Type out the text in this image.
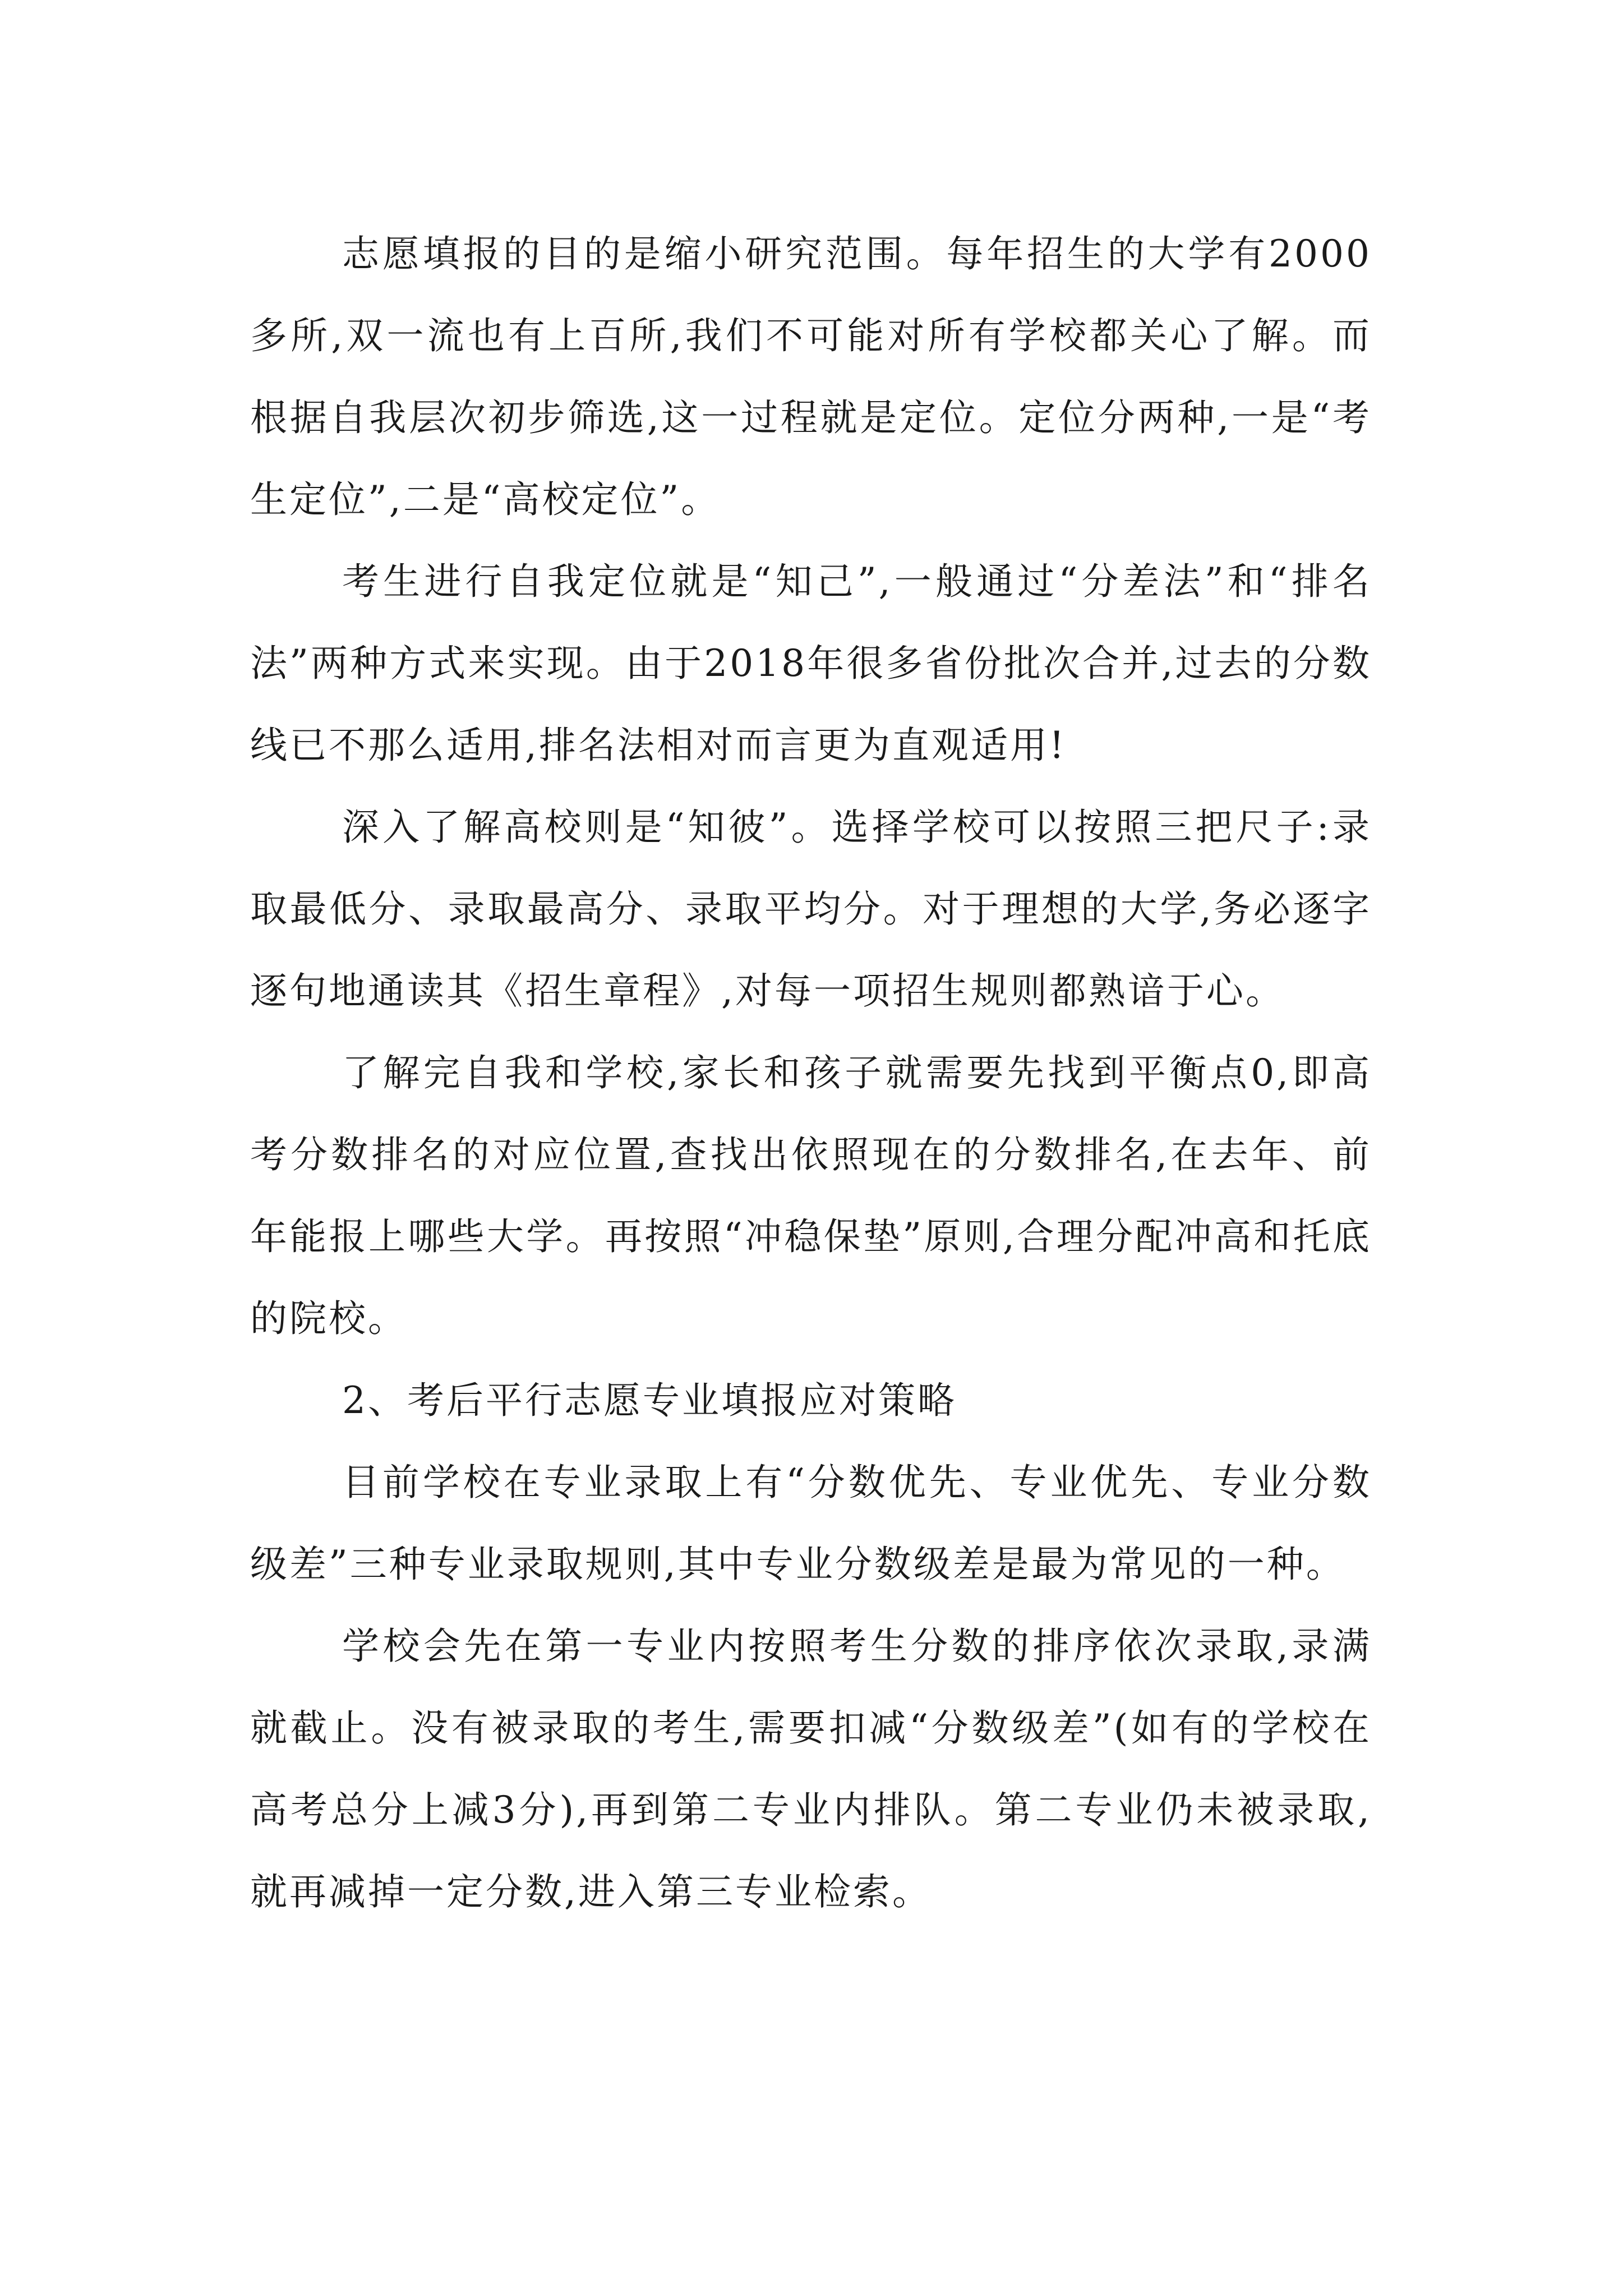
志愿填报的目的是缩小研究范围。每年招生的大学有2000多所,双一流也有上百所,我们不可能对所有学校都关心了解。而根据自我层次初步筛选,这一过程就是定位。定位分两种,一是“考生定位”,二是“高校定位”。

考生进行自我定位就是“知己”,一般通过“分差法”和“排名法”两种方式来实现。由于2018年很多省份批次合并,过去的分数线已不那么适用,排名法相对而言更为直观适用!

深入了解高校则是“知彼”。选择学校可以按照三把尺子:录取最低分、录取最高分、录取平均分。对于理想的大学,务必逐字逐句地通读其《招生章程》,对每一项招生规则都熟谙于心。

了解完自我和学校,家长和孩子就需要先找到平衡点0,即高考分数排名的对应位置,查找出依照现在的分数排名,在去年、前年能报上哪些大学。再按照“冲稳保垫”原则,合理分配冲高和托底的院校。

2、考后平行志愿专业填报应对策略

目前学校在专业录取上有“分数优先、专业优先、专业分数级差”三种专业录取规则,其中专业分数级差是最为常见的一种。

学校会先在第一专业内按照考生分数的排序依次录取,录满就截止。没有被录取的考生,需要扣减“分数级差”(如有的学校在高考总分上减3分),再到第二专业内排队。第二专业仍未被录取,就再减掉一定分数,进入第三专业检索。
